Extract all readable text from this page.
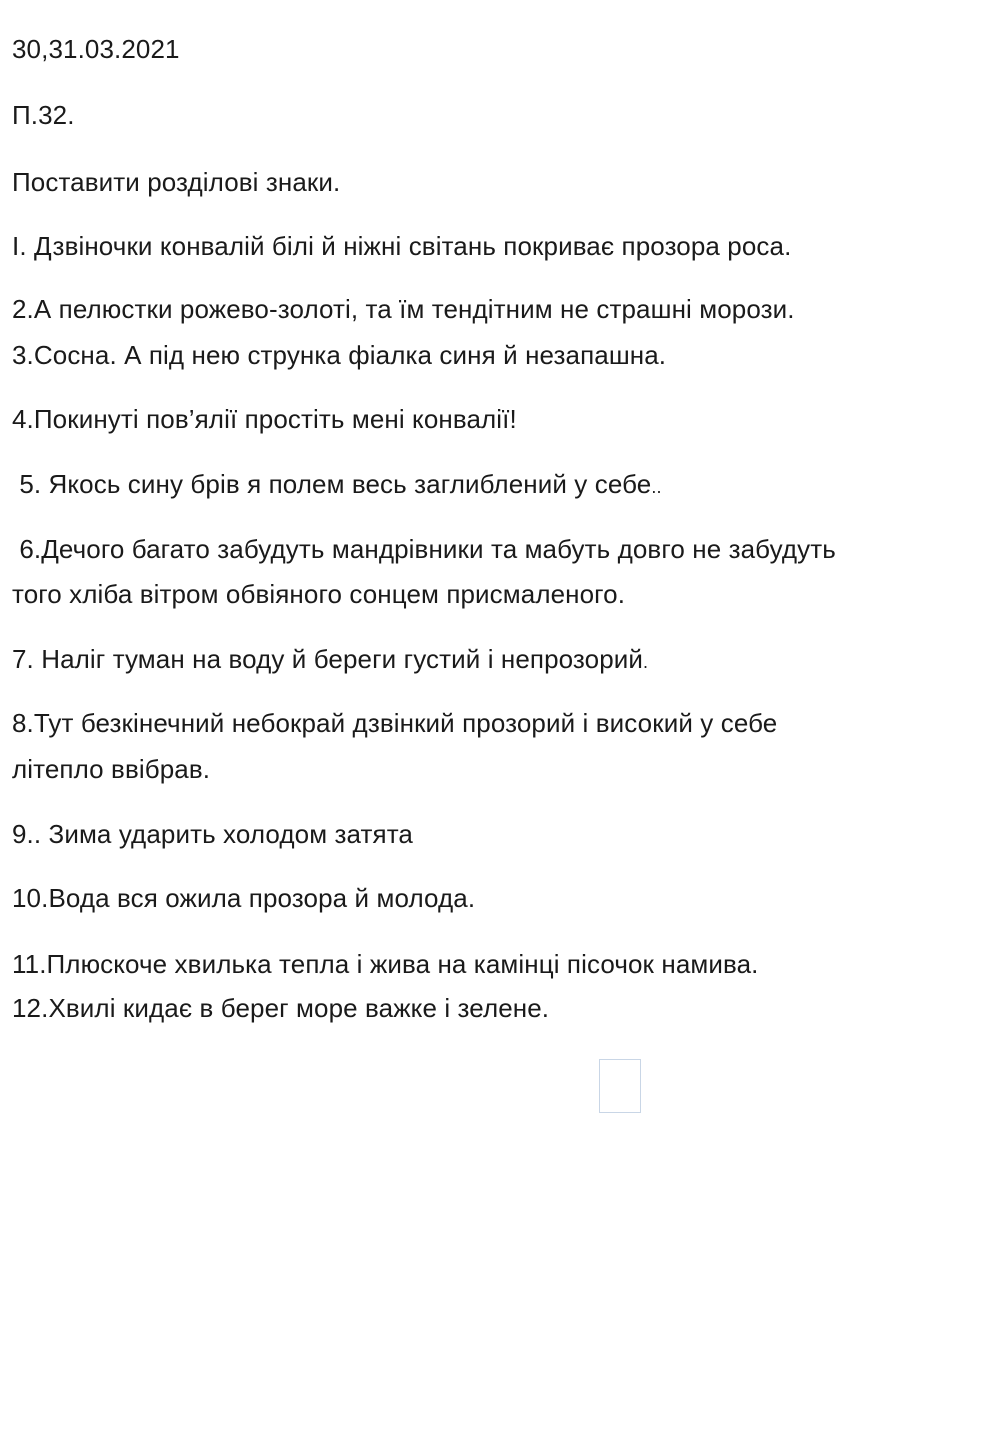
30,31.03.2021
П.32.
Поставити розділові знаки.
I. Дзвіночки конвалій білі й ніжні світань покриває прозора роса.
2.А пелюстки рожево-золоті, та їм тендітним не страшні морози.
3.Сосна. А під нею струнка фіалка синя й незапашна.
4.Покинуті пов’ялії простіть мені конвалії!
5. Якось сину брів я полем весь заглиблений у себе..
6.Дечого багато забудуть мандрівники та мабуть довго не забудуть
того хліба вітром обвіяного сонцем присмаленого.
7. Наліг туман на воду й береги густий і непрозорий.
8.Тут безкінечний небокрай дзвінкий прозорий і високий у себе
літепло ввібрав.
9.. Зима ударить холодом затята
10.Вода вся ожила прозора й молода.
11.Плюскоче хвилька тепла і жива на камінці пісочок намива.
12.Хвилі кидає в берег море важке і зелене.
